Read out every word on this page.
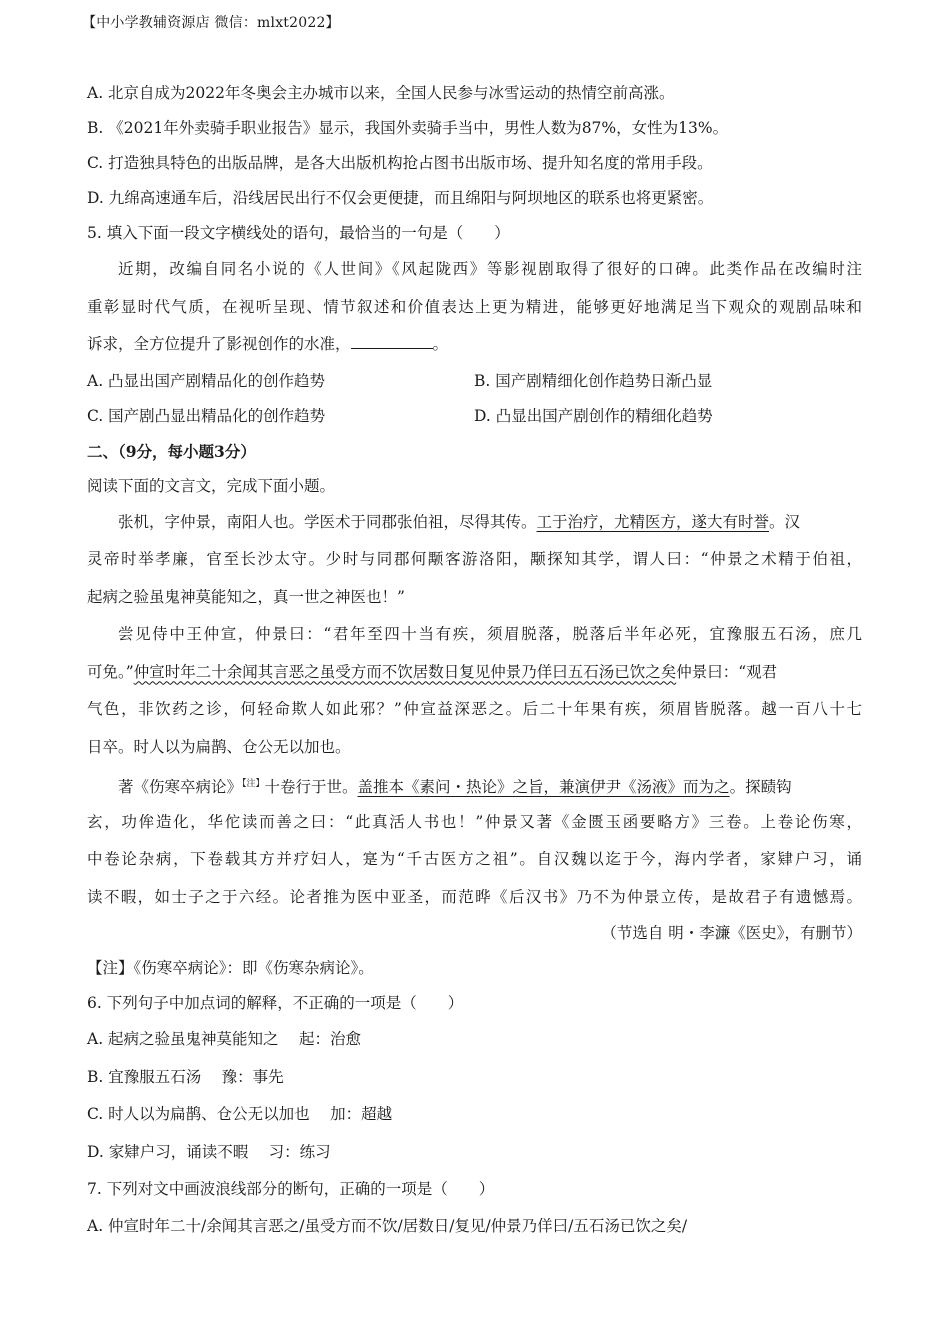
【中小学教辅资源店 微信：mlxt2022】
A. 北京自成为2022年冬奥会主办城市以来，全国人民参与冰雪运动的热情空前高涨。
B. 《2021年外卖骑手职业报告》显示，我国外卖骑手当中，男性人数为87%，女性为13%。
C. 打造独具特色的出版品牌，是各大出版机构抢占图书出版市场、提升知名度的常用手段。
D. 九绵高速通车后，沿线居民出行不仅会更便捷，而且绵阳与阿坝地区的联系也将更紧密。
5. 填入下面一段文字横线处的语句，最恰当的一句是（　　）
近期，改编自同名小说的《人世间》《风起陇西》等影视剧取得了很好的口碑。此类作品在改编时注
重彰显时代气质，在视听呈现、情节叙述和价值表达上更为精进，能够更好地满足当下观众的观剧品味和
诉求，全方位提升了影视创作的水准，	。
A. 凸显出国产剧精品化的创作趋势	B. 国产剧精细化创作趋势日渐凸显
C. 国产剧凸显出精品化的创作趋势	D. 凸显出国产剧创作的精细化趋势
二、（9分，每小题3分）
阅读下面的文言文，完成下面小题。
张机，字仲景，南阳人也。学医术于同郡张伯祖，尽得其传。工于治疗，尤精医方，遂大有时誉。汉
灵帝时举孝廉，官至长沙太守。少时与同郡何颙客游洛阳，颙探知其学，谓人曰：“仲景之术精于伯祖，
起病之验虽鬼神莫能知之，真一世之神医也！”
尝见侍中王仲宣，仲景曰：“君年至四十当有疾，须眉脱落，脱落后半年必死，宜豫服五石汤，庶几
可免。”仲宣时年二十余闻其言恶之虽受方而不饮居数日复见仲景乃佯曰五石汤已饮之矣仲景曰：“观君
气色，非饮药之诊，何轻命欺人如此邪？”仲宣益深恶之。后二十年果有疾，须眉皆脱落。越一百八十七
日卒。时人以为扁鹊、仓公无以加也。
著《伤寒卒病论》$^{【注】}$十卷行于世。盖推本《素问・热论》之旨，兼演伊尹《汤液》而为之。探赜钩
玄，功侔造化，华佗读而善之曰：“此真活人书也！”仲景又著《金匮玉函要略方》三卷。上卷论伤寒，
中卷论杂病，下卷载其方并疗妇人，寔为“千古医方之祖”。自汉魏以迄于今，海内学者，家肄户习，诵
读不暇，如士子之于六经。论者推为医中亚圣，而范晔《后汉书》乃不为仲景立传，是故君子有遗憾焉。
（节选自 明・李濂《医史》，有删节）
【注】《伤寒卒病论》：即《伤寒杂病论》。
6. 下列句子中加点词的解释，不正确的一项是（　　）
A. 起病之验虽鬼神莫能知之　 起：治愈
B. 宜豫服五石汤　 豫：事先
C. 时人以为扁鹊、仓公无以加也　 加：超越
D. 家肄户习，诵读不暇　 习：练习
7. 下列对文中画波浪线部分的断句，正确的一项是（　　）
A. 仲宣时年二十/余闻其言恶之/虽受方而不饮/居数日/复见/仲景乃佯曰/五石汤已饮之矣/
